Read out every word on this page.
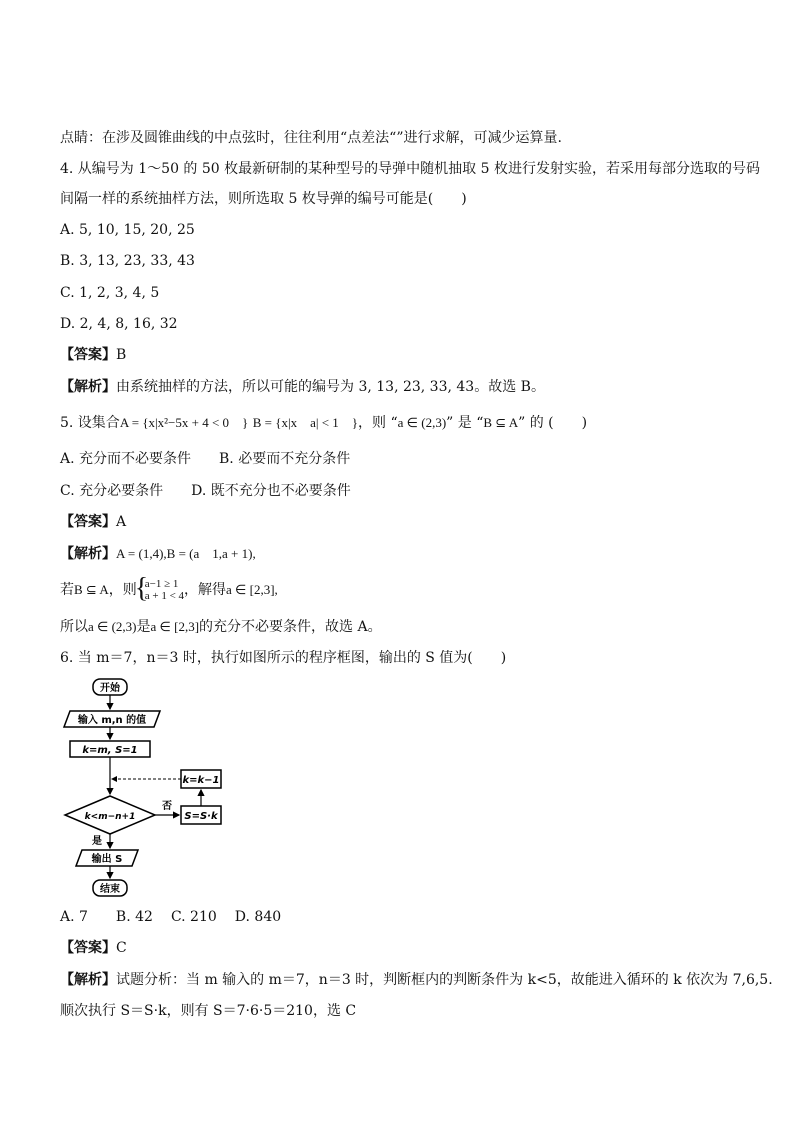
点睛：在涉及圆锥曲线的中点弦时，往往利用“点差法“”进行求解，可减少运算量.
4. 从编号为 1～50 的 50 枚最新研制的某种型号的导弹中随机抽取 5 枚进行发射实验，若采用每部分选取的号码
间隔一样的系统抽样方法，则所选取 5 枚导弹的编号可能是(　　)
A. 5, 10, 15, 20, 25
B. 3, 13, 23, 33, 43
C. 1, 2, 3, 4, 5
D. 2, 4, 8, 16, 32
【答案】B
【解析】由系统抽样的方法，所以可能的编号为 3, 13, 23, 33, 43。故选 B。
5. 设集合A = {x|x²−5x + 4 < 0　} B = {x|x　a| < 1　}，则 “a ∈ (2,3)” 是 “B ⊆ A” 的 (　　)
A. 充分而不必要条件 B. 必要而不充分条件
C. 充分必要条件 D. 既不充分也不必要条件
【答案】A
【解析】A = (1,4),B = (a　1,a + 1),
若B ⊆ A，则
{ a−1 ≥ 1
a + 1 < 4 ，解得a ∈ [2,3],
所以a ∈ (2,3)是a ∈ [2,3]的充分不必要条件，故选 A。
6. 当 m＝7，n＝3 时，执行如图所示的程序框图，输出的 S 值为(　　)
开始
输入 m,n 的值
k=m, S=1
k=k−1
k<m−n+1
否
S=S·k
是
输出 S
结束
A. 7 B. 42 C. 210 D. 840
【答案】C
【解析】试题分析：当 m 输入的 m＝7，n＝3 时，判断框内的判断条件为 k<5，故能进入循环的 k 依次为 7,6,5.
顺次执行 S＝S·k，则有 S＝7·6·5＝210，选 C
